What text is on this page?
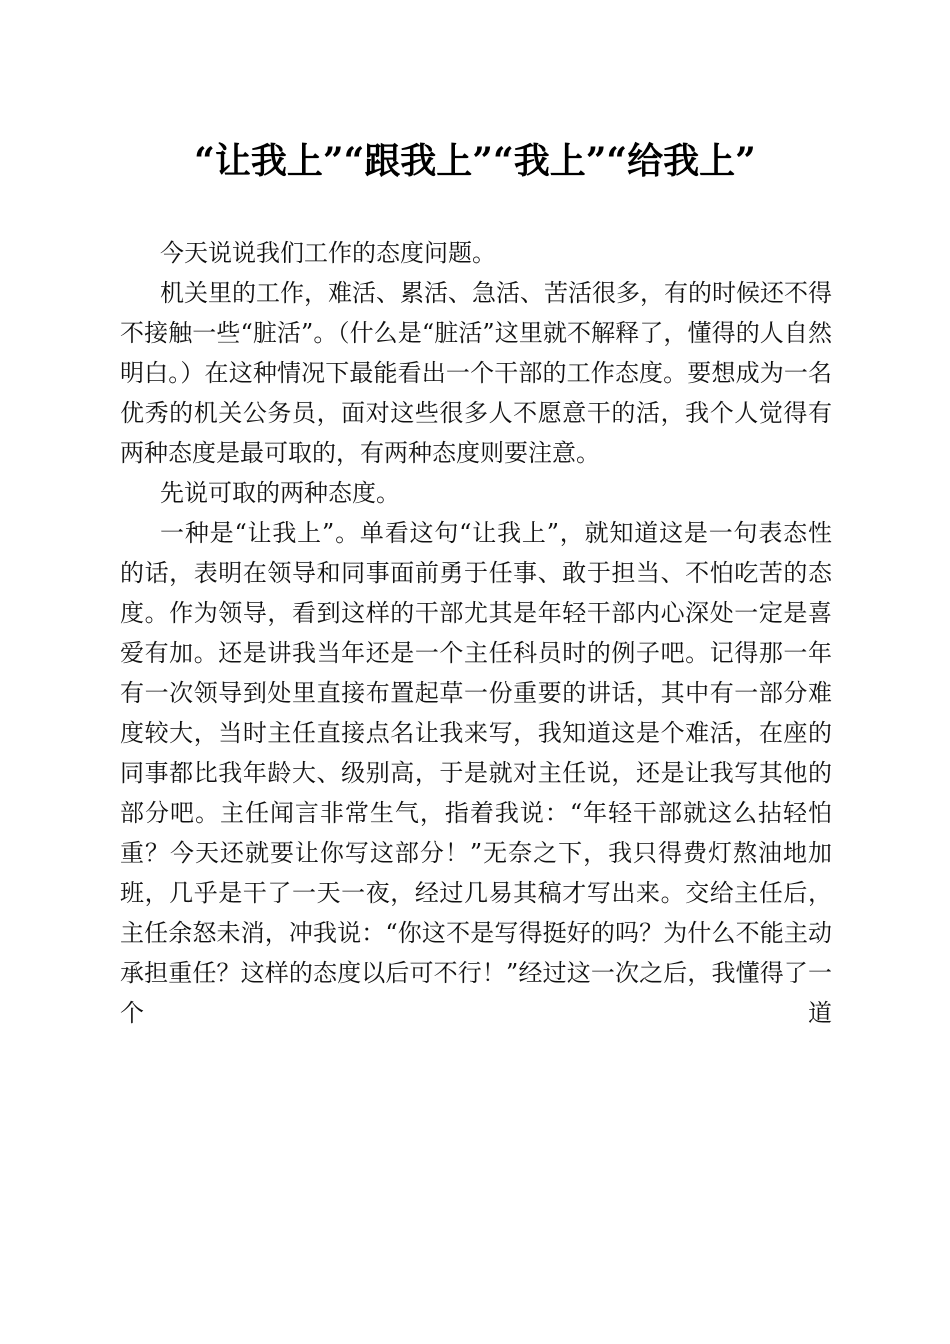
“让我上”“跟我上”“我上”“给我上”

今天说说我们工作的态度问题。

机关里的工作，难活、累活、急活、苦活很多，有的时候还不得不接触一些“脏活”。（什么是“脏活”这里就不解释了，懂得的人自然明白。）在这种情况下最能看出一个干部的工作态度。要想成为一名优秀的机关公务员，面对这些很多人不愿意干的活，我个人觉得有两种态度是最可取的，有两种态度则要注意。

先说可取的两种态度。

一种是“让我上”。单看这句“让我上”，就知道这是一句表态性的话，表明在领导和同事面前勇于任事、敢于担当、不怕吃苦的态度。作为领导，看到这样的干部尤其是年轻干部内心深处一定是喜爱有加。还是讲我当年还是一个主任科员时的例子吧。记得那一年有一次领导到处里直接布置起草一份重要的讲话，其中有一部分难度较大，当时主任直接点名让我来写，我知道这是个难活，在座的同事都比我年龄大、级别高，于是就对主任说，还是让我写其他的部分吧。主任闻言非常生气，指着我说：“年轻干部就这么拈轻怕重？今天还就要让你写这部分！”无奈之下，我只得费灯熬油地加班，几乎是干了一天一夜，经过几易其稿才写出来。交给主任后，主任余怒未消，冲我说：“你这不是写得挺好的吗？为什么不能主动承担重任？这样的态度以后可不行！”经过这一次之后，我懂得了一个道
